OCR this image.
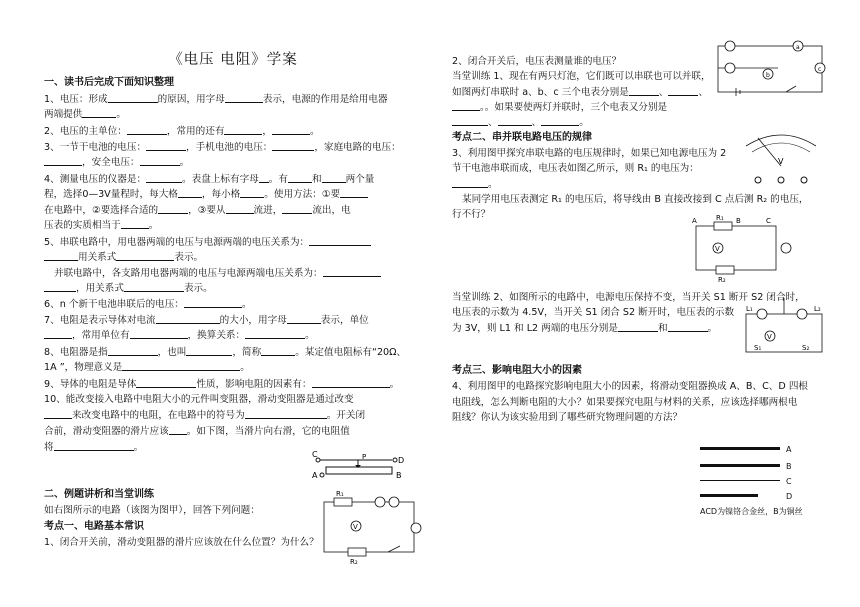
《电压 电阻》学案
一、读书后完成下面知识整理
1、电压：形成	的原因，用字母	表示，电源的作用是给用电器
两端提供	。
2、电压的主单位：	，常用的还有	，	。
3、一节干电池的电压：	，手机电池的电压：	，家庭电路的电压：
，安全电压：	。
4、测量电压的仪器是：	。表盘上标有字母 。有	和	两个量
程，选择0—3V量程时，每大格	，每小格	。使用方法：①要
在电路中，②要选择合适的	，③要从	流进，	流出，电
压表的实质相当于	。
5、串联电路中，用电器两端的电压与电源两端的电压关系为：
用关系式	表示。
并联电路中，各支路用电器两端的电压与电源两端电压关系为：
，用关系式	表示。
6、n 个新干电池串联后的电压：	。
7、电阻是表示导体对电流	的大小，用字母	表示，单位
，常用单位有	，换算关系：	。
8、电阻器是指	，也叫	，简称	。某定值电阻标有“20Ω、
1A ”，物理意义是	。
9、导体的电阻是导体	性质，影响电阻的因素有：	。
10、能改变接入电路中电阻大小的元件叫变阻器，滑动变阻器是通过改变
来改变电路中的电阻，在电路中的符号为	。开关闭
合前，滑动变阻器的滑片应该 。如下图，当滑片向右滑，它的电阻值
将	。
二、例题讲析和当堂训练
如右图所示的电路（该图为图甲），回答下列问题：
考点一、电路基本常识
1、闭合开关前，滑动变阻器的滑片应该放在什么位置？为什么？
C
D
A	B
P
R₁
V
R₂
2、闭合开关后，电压表测量谁的电压？
当堂训练 1、现在有两只灯泡，它们既可以串联也可以并联，
如图两灯串联时 a、b、c 三个电表分别是	、	、
。。如果要使两灯并联时，三个电表又分别是
、	、	。
考点二、串并联电路电压的规律
3、利用图甲探究串联电路的电压规律时，如果已知电源电压为 2
节干电池串联而成，电压表如图乙所示，则 R₁ 的电压为：
。
某同学用电压表测定 R₁ 的电压后，将导线由 B 直接改接到 C 点后测 R₂ 的电压，
行不行？
当堂训练 2、如图所示的电路中，电源电压保持不变，当开关 S1 断开 S2 闭合时，
电压表的示数为 4.5V，当开关 S1 闭合 S2 断开时，电压表的示数
为 3V，则 L1 和 L2 两端的电压分别是	和	。
考点三、影响电阻大小的因素
4、利用图甲的电路探究影响电阻大小的因素，将滑动变阻器换成 A、B、C、D 四根
电阻线，怎么判断电阻的大小？如果要探究电阻与材料的关系，应该选择哪两根电
阻线？你认为该实验用到了哪些研究物理问题的方法？
a
b
c
V
R₁
A	B	C
V
R₂
L₁	L₂
V
S₁	S₂
A
B
C
D
ACD为镍铬合金丝，B为铜丝
